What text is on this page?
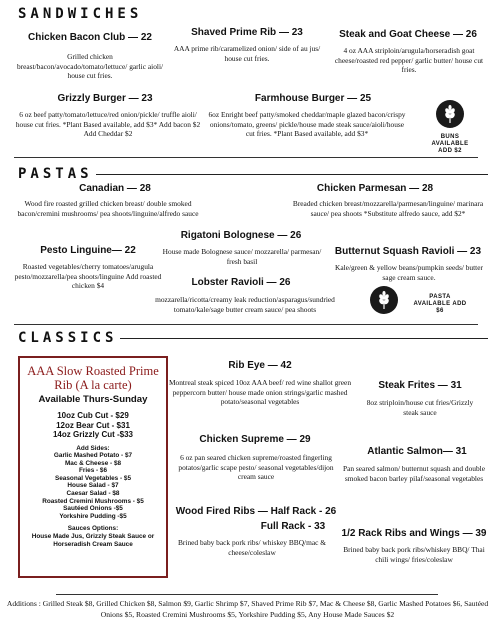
SANDWICHES
Chicken Bacon Club — 22
Grilled chicken breast/bacon/avocado/tomato/lettuce/ garlic aioli/ house cut fries.
Shaved Prime Rib — 23
AAA prime rib/caramelized onion/ side of au jus/ house cut fries.
Steak and Goat Cheese — 26
4 oz AAA striploin/arugula/horseradish goat cheese/roasted red pepper/ garlic butter/ house cut fries.
Grizzly Burger — 23
6 oz beef patty/tomato/lettuce/red onion/pickle/ truffle aioli/ house cut fries. *Plant Based available, add $3* Add bacon $2 Add Cheddar $2
Farmhouse Burger — 25
6oz Enright beef patty/smoked cheddar/maple glazed bacon/crispy onions/tomato, greens/ pickle/house made steak sauce/aioli/house cut fries. *Plant Based available, add $3*	BUNS AVAILABLE ADD $2
PASTAS
Canadian — 28
Wood fire roasted grilled chicken breast/ double smoked bacon/cremini mushrooms/ pea shoots/linguine/alfredo sauce
Chicken Parmesan — 28
Breaded chicken breast/mozzarella/parmesan/linguine/ marinara sauce/ pea shoots *Substitute alfredo sauce, add $2*
Rigatoni Bolognese — 26
House made Bolognese sauce/ mozzarella/ parmesan/ fresh basil
Pesto Linguine— 22
Roasted vegetables/cherry tomatoes/arugula pesto/mozzarella/pea shoots/linguine Add roasted chicken $4
Butternut Squash Ravioli — 23
Kale/green & yellow beans/pumpkin seeds/ butter sage cream sauce.
Lobster Ravioli — 26
mozzarella/ricotta/creamy leak reduction/asparagus/sundried tomato/kale/sage butter cream sauce/ pea shoots
PASTA AVAILABLE ADD $6
CLASSICS
AAA Slow Roasted Prime Rib (A la carte)
Available Thurs-Sunday
10oz Cub Cut - $29
12oz Bear Cut - $31
14oz Grizzly Cut -$33
Add Sides:
Garlic Mashed Potato - $7
Mac & Cheese - $8
Fries - $6
Seasonal Vegetables - $5
House Salad - $7
Caesar Salad - $8
Roasted Cremini Mushrooms - $5
Sautéed Onions -$5
Yorkshire Pudding -$5
Sauces Options:
House Made Jus, Grizzly Steak Sauce or Horseradish Cream Sauce
Rib Eye — 42
Montreal steak spiced 10oz AAA beef/ red wine shallot green peppercorn butter/ house made onion strings/garlic mashed potato/seasonal vegetables
Steak Frites — 31
8oz striploin/house cut fries/Grizzly steak sauce
Chicken Supreme — 29
6 oz pan seared chicken supreme/roasted fingerling potatos/garlic scape pesto/ seasonal vegetables/dijon cream sauce
Atlantic Salmon— 31
Pan seared salmon/ butternut squash and double smoked bacon barley pilaf/seasonal vegetables
Wood Fired Ribs — Half Rack - 26
Full Rack - 33
Brined baby back pork ribs/ whiskey BBQ/mac & cheese/coleslaw
1/2 Rack Ribs and Wings — 39
Brined baby back pork ribs/whiskey BBQ/ Thai chili wings/ fries/coleslaw
Additions : Grilled Steak $8, Grilled Chicken $8, Salmon $9, Garlic Shrimp $7, Shaved Prime Rib $7, Mac & Cheese $8, Garlic Mashed Potatoes $6, Sautéed Onions $5, Roasted Cremini Mushrooms $5, Yorkshire Pudding $5, Any House Made Sauces $2
